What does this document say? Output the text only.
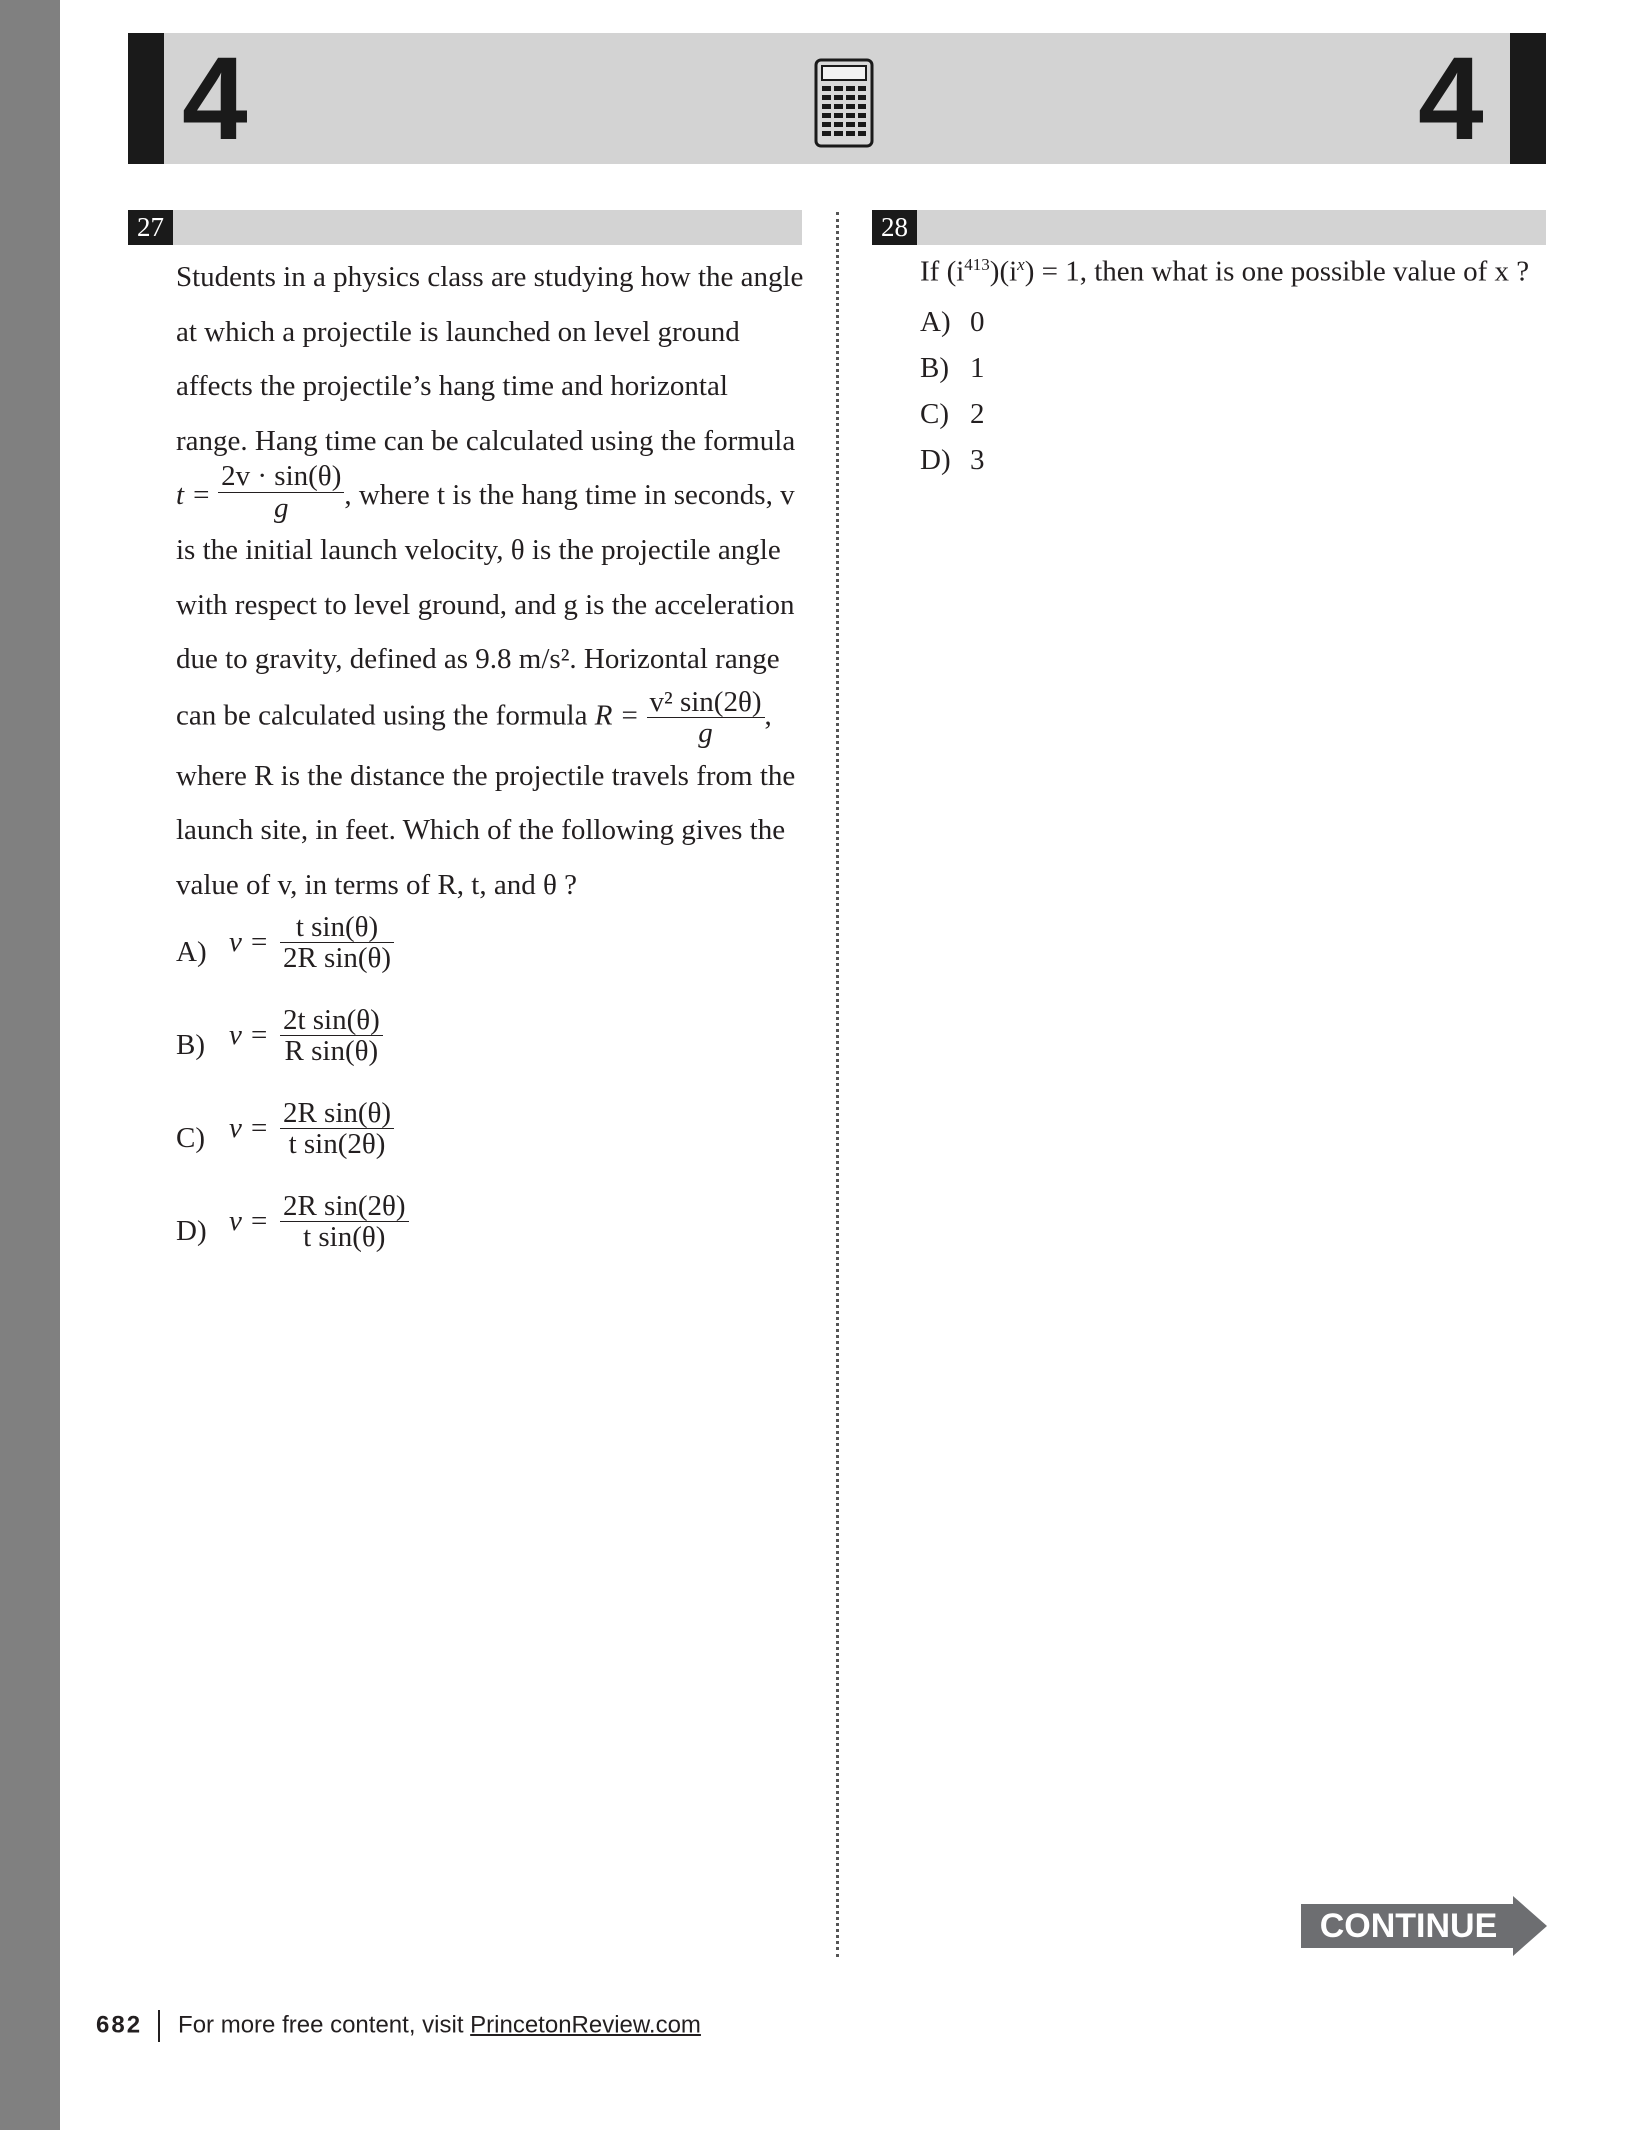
4	4
27	28

Students in a physics class are studying how the angle

at which a projectile is launched on level ground

affects the projectile’s hang time and horizontal

range. Hang time can be calculated using the formula

$t = \frac{2v \cdot \sin(\theta)}{g}$ , where t is the hang time in seconds, v

is the initial launch velocity, θ is the projectile angle

with respect to level ground, and g is the acceleration

due to gravity, defined as 9.8 m/s². Horizontal range

can be calculated using the formula $R = \frac{\text{v² sin(2θ)}}{g}$ ,

where R is the distance the projectile travels from the

launch site, in feet. Which of the following gives the

value of v, in terms of R, t, and θ ?

A) $v = \frac{\text{t sin(θ)}}{\text{2R sin(θ)}}$
B) $v = \frac{\text{2t sin(θ)}}{\text{R sin(θ)}}$
C) $v = \frac{\text{2R sin(θ)}}{\text{t sin(2θ)}}$
D) $v = \frac{\text{2R sin(2θ)}}{\text{t sin(θ)}}$
If $(i^{413})(i^x) = 1$, then what is one possible value of x ?
A) 0
B) 1
C) 2
D) 3
CONTINUE
682 For more free content, visit PrincetonReview.com
